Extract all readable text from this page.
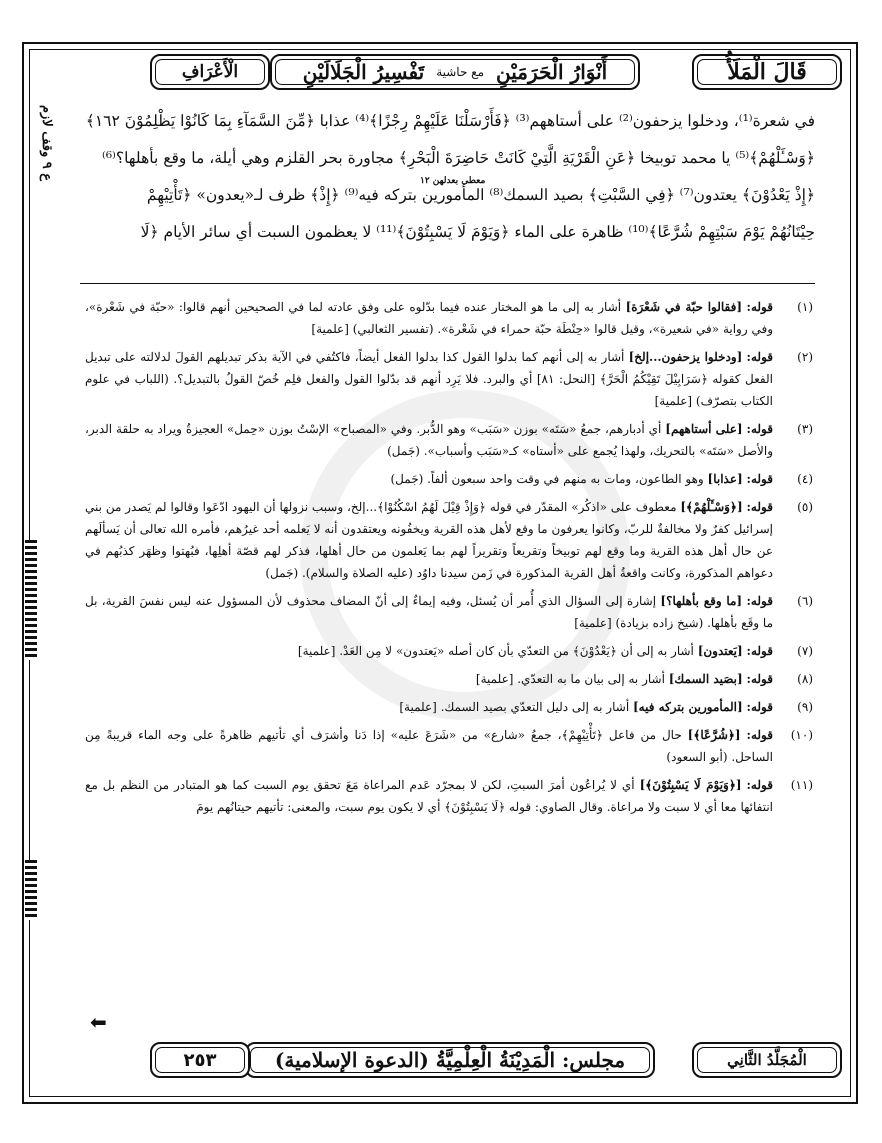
قَالَ الْمَلَأُ
تَفْسِيرُ الْجَلَالَيْنِ مع حاشية أَنْوَارُ الْحَرَمَيْنِ
الْأَعْرَافِ
ع ٩ وقف لازم
في شعرة⁽¹⁾، ودخلوا يزحفون⁽²⁾ على أستاههم⁽³⁾ ﴿فَأَرْسَلْنَا عَلَيْهِمْ رِجْزًا﴾⁽⁴⁾ عذابا ﴿مِّنَ السَّمَآءِ بِمَا كَانُوْا يَظْلِمُوْنَ ١٦٢﴾
﴿وَسْـَٔلْهُمْ﴾⁽⁵⁾ يا محمد توبيخا ﴿عَنِ الْقَرْيَةِ الَّتِيْ كَانَتْ حَاضِرَةَ الْبَحْرِ﴾ مجاورة بحر القلزم وهي أيلة، ما وقع بأهلها؟⁽⁶⁾
﴿إِذْ يَعْدُوْنَ﴾ يعتدون⁽⁷⁾ ﴿فِي السَّبْتِ﴾ بصيد السمك⁽⁸⁾ المأمورين بتركه فيه⁽⁹⁾ ﴿إِذْ﴾ ظرف لـ«يعدون» ﴿تَأْتِيْهِمْ
حِيْتَانُهُمْ يَوْمَ سَبْتِهِمْ شُرَّعًا﴾⁽¹⁰⁾ ظاهرة على الماء ﴿وَيَوْمَ لَا يَسْبِتُوْنَ﴾⁽¹¹⁾ لا يعظمون السبت أي سائر الأيام ﴿لَا
معطى بعدلهن ١٢
(١)
قوله: [فقالوا حبّة في شَعْرَة] أشار به إلى ما هو المختار عنده فيما بدّلوه على وفق عادته لما في الصحيحين أنهم قالوا: «حبّة في شَعْرة»، وفي رواية «في شعيرة»، وقيل قالوا «حِنْطَة حبّة حمراء في شَعْرة». (تفسير الثعالبي) [علمية]
(٢)
قوله: [ودخلوا يزحفون...إلخ] أشار به إلى أنهم كما بدلوا القول كذا بدلوا الفعل أيضاً، فاكتُفي في الآية بذكر تبديلهم القولَ لدلالته على تبديل الفعل كقوله ﴿سَرَابِيْلَ تَقِيْكُمُ الْحَرَّ﴾ [النحل: ٨١] أي والبرد. فلا يَرِد أنهم قد بدّلوا القول والفعل فلِم خُصّ القولُ بالتبديل؟. (اللباب في علوم الكتاب بتصرّف) [علمية]
(٣)
قوله: [على أستاههم] أي أدبارهم، جمعُ «سَتَه» بوزن «سَبَب» وهو الدُّبر. وفي «المصباح» الإسْتُ بوزن «حِمل» العجيزةُ ويراد به حلقة الدبر، والأصل «سَتَه» بالتحريك، ولهذا يُجمع على «أستاه» كـ«سَبَب وأسباب». (جَمل)
(٤)
قوله: [عذابا] وهو الطاعون، ومات به منهم في وقت واحد سبعون ألفاً. (جَمل)
(٥)
قوله: [﴿وَسْـَٔلْهُمْ﴾] معطوف على «اذكُر» المقدّر في قوله ﴿وَإِذْ قِيْلَ لَهُمُ اسْكُنُوْا﴾...إلخ، وسبب نزولها أن اليهود ادّعَوا وقالوا لم يَصدر من بني إسرائيل كفرٌ ولا مخالفةٌ للربّ، وكانوا يعرفون ما وقع لأهل هذه القرية ويخفُونه ويعتقدون أنه لا يَعلمه أحد غيرُهم، فأمره الله تعالى أن يَسألَهم عن حال أهل هذه القرية وما وقع لهم توبيخاً وتقريعاً وتقريراً لهم بما يَعلمون من حال أهلها، فذكر لهم قصّة أهلِها، فبُهتوا وظهَر كذبُهم في دعواهم المذكورة، وكانت واقعةُ أهل القرية المذكورة في زَمن سيدنا داوُد (عليه الصلاة والسلام). (جَمل)
(٦)
قوله: [ما وقع بأهلها؟] إشارة إلى السؤال الذي أُمر أن يُسئل، وفيه إيماءٌ إلى أنّ المضاف محذوف لأن المسؤول عنه ليس نفسَ القرية، بل ما وقَع بأهلها. (شيخ زاده بزيادة) [علمية]
(٧)
قوله: [يَعتدون] أشار به إلى أن ﴿يَعْدُوْنَ﴾ من التعدّي بأن كان أصله «يَعتدون» لا مِن العَدْ. [علمية]
(٨)
قوله: [بصَيد السمك] أشار به إلى بيان ما به التعدّي. [علمية]
(٩)
قوله: [المأمورين بتركه فيه] أشار به إلى دليل التعدّي بصيد السمك. [علمية]
(١٠)
قوله: [﴿شُرَّعًا﴾] حال من فاعل ﴿تَأْتِيْهِمْ﴾، جمعُ «شارع» من «شَرَعَ عليه» إذا دَنا وأشرَف أي تأتيهم ظاهرةً على وجه الماء قريبةً مِن الساحل. (أبو السعود)
(١١)
قوله: [﴿وَيَوْمَ لَا يَسْبِتُوْنَ﴾] أي لا يُراعُون أمرَ السبتِ، لكن لا بمجرّد عَدم المراعاة مَعَ تحقق يوم السبت كما هو المتبادر من النظم بل مع انتفائها معا أي لا سبت ولا مراعاة. وقال الصاوي: قوله ﴿لَا يَسْبِتُوْنَ﴾ أي لا يكون يوم سبت، والمعنى: تأتيهم حيتانُهم يومَ
⬅
الْمُجَلَّدُ الثَّانِي
مجلس: الْمَدِيْنَةُ الْعِلْمِيَّةُ (الدعوة الإسلامية)
٢٥٣
